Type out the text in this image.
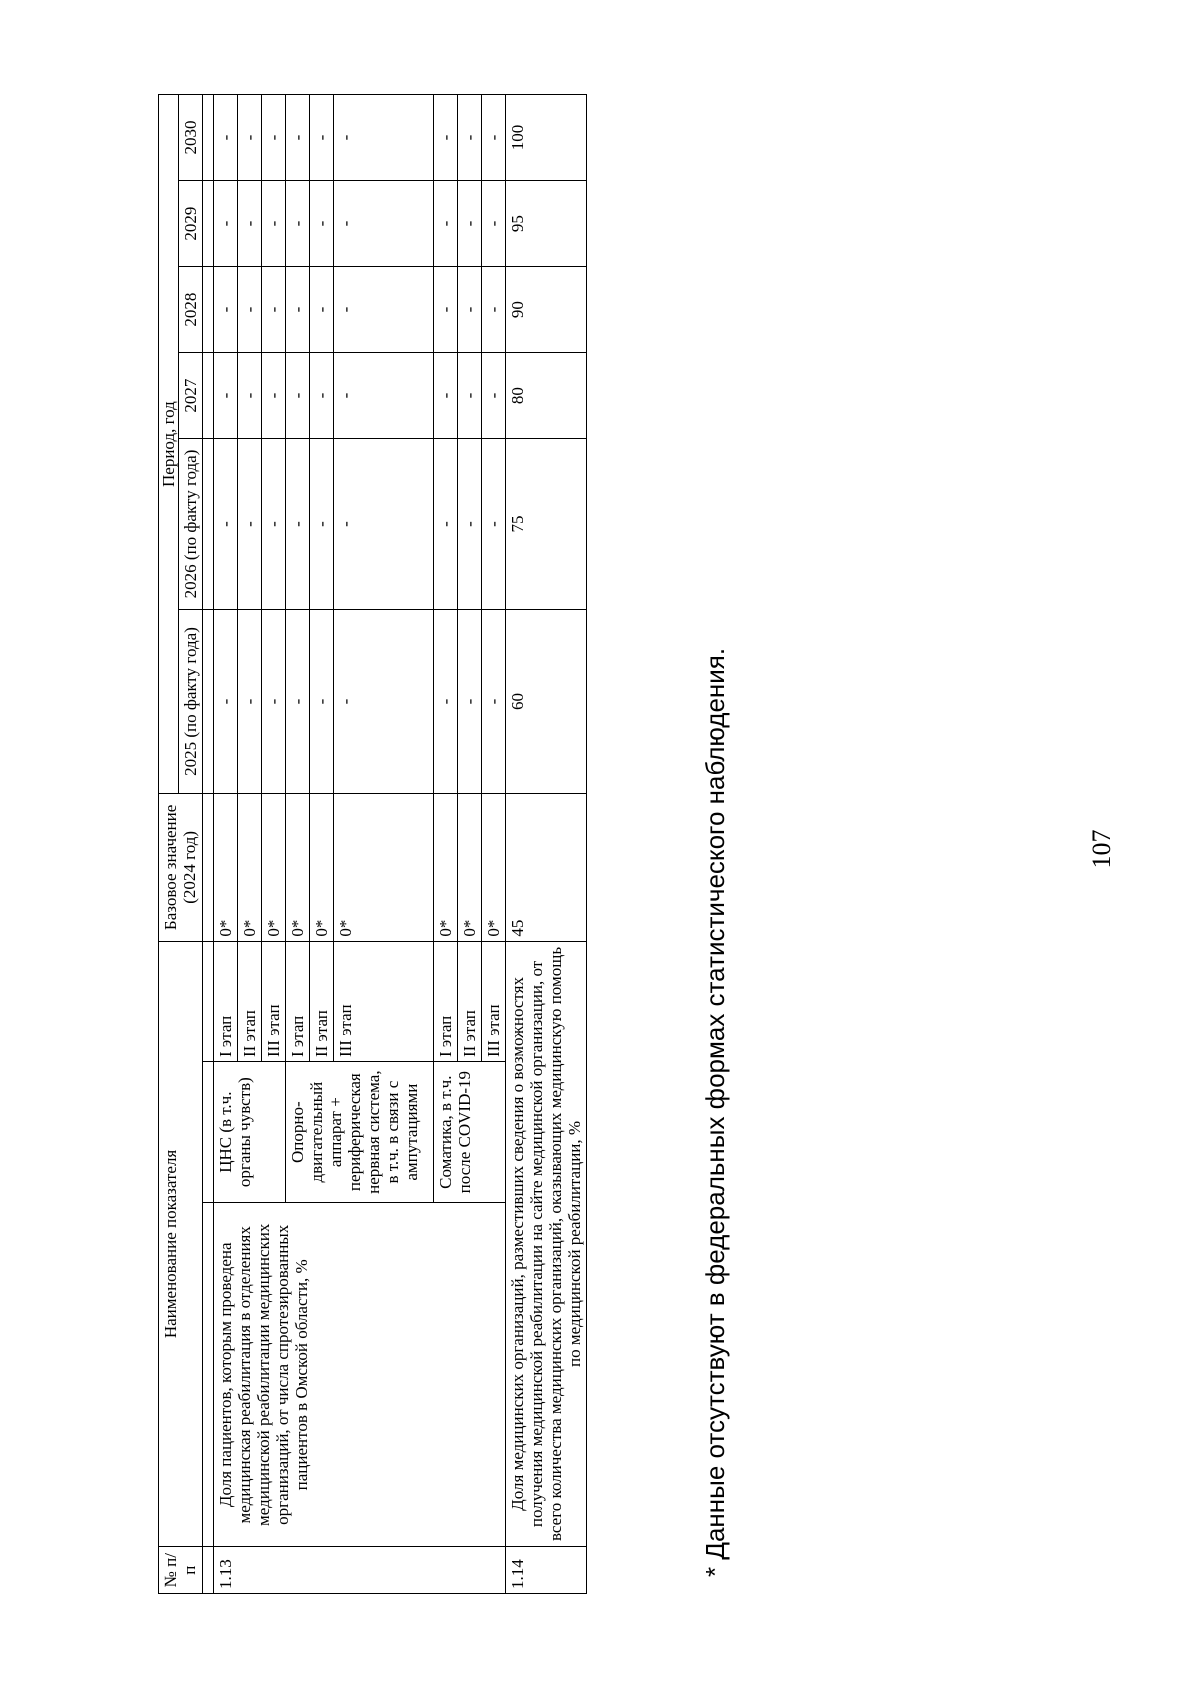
107
№ п/п	Наименование показателя			Базовое значение (2024 год)	Период, год					
					2025 (по факту года)	2026 (по факту года)	2027	2028	2029	2030

1.13	Доля пациентов, которым проведена медицинская реабилитация в отделениях медицинской реабилитации медицинских организаций, от числа спротезированных пациентов в Омской области, %	ЦНС (в т.ч. органы чувств)	I этап	0*	-	-	-	-	-	-
			II этап	0*	-	-	-	-	-	-
			III этап	0*	-	-	-	-	-	-
		Опорно-двигательный аппарат + периферическая нервная система, в т.ч. в связи с ампутациями	I этап	0*	-	-	-	-	-	-
			II этап	0*	-	-	-	-	-	-
			III этап	0*	-	-	-	-	-	-
		Соматика, в т.ч. после COVID-19	I этап	0*	-	-	-	-	-	-
			II этап	0*	-	-	-	-	-	-
			III этап	0*	-	-	-	-	-	-
1.14	Доля медицинских организаций, разместивших сведения о возможностях получения медицинской реабилитации на сайте медицинской организации, от всего количества медицинских организаций, оказывающих медицинскую помощь по медицинской реабилитации, %			45	60	75	80	90	95	100
* Данные отсутствуют в федеральных формах статистического наблюдения.
